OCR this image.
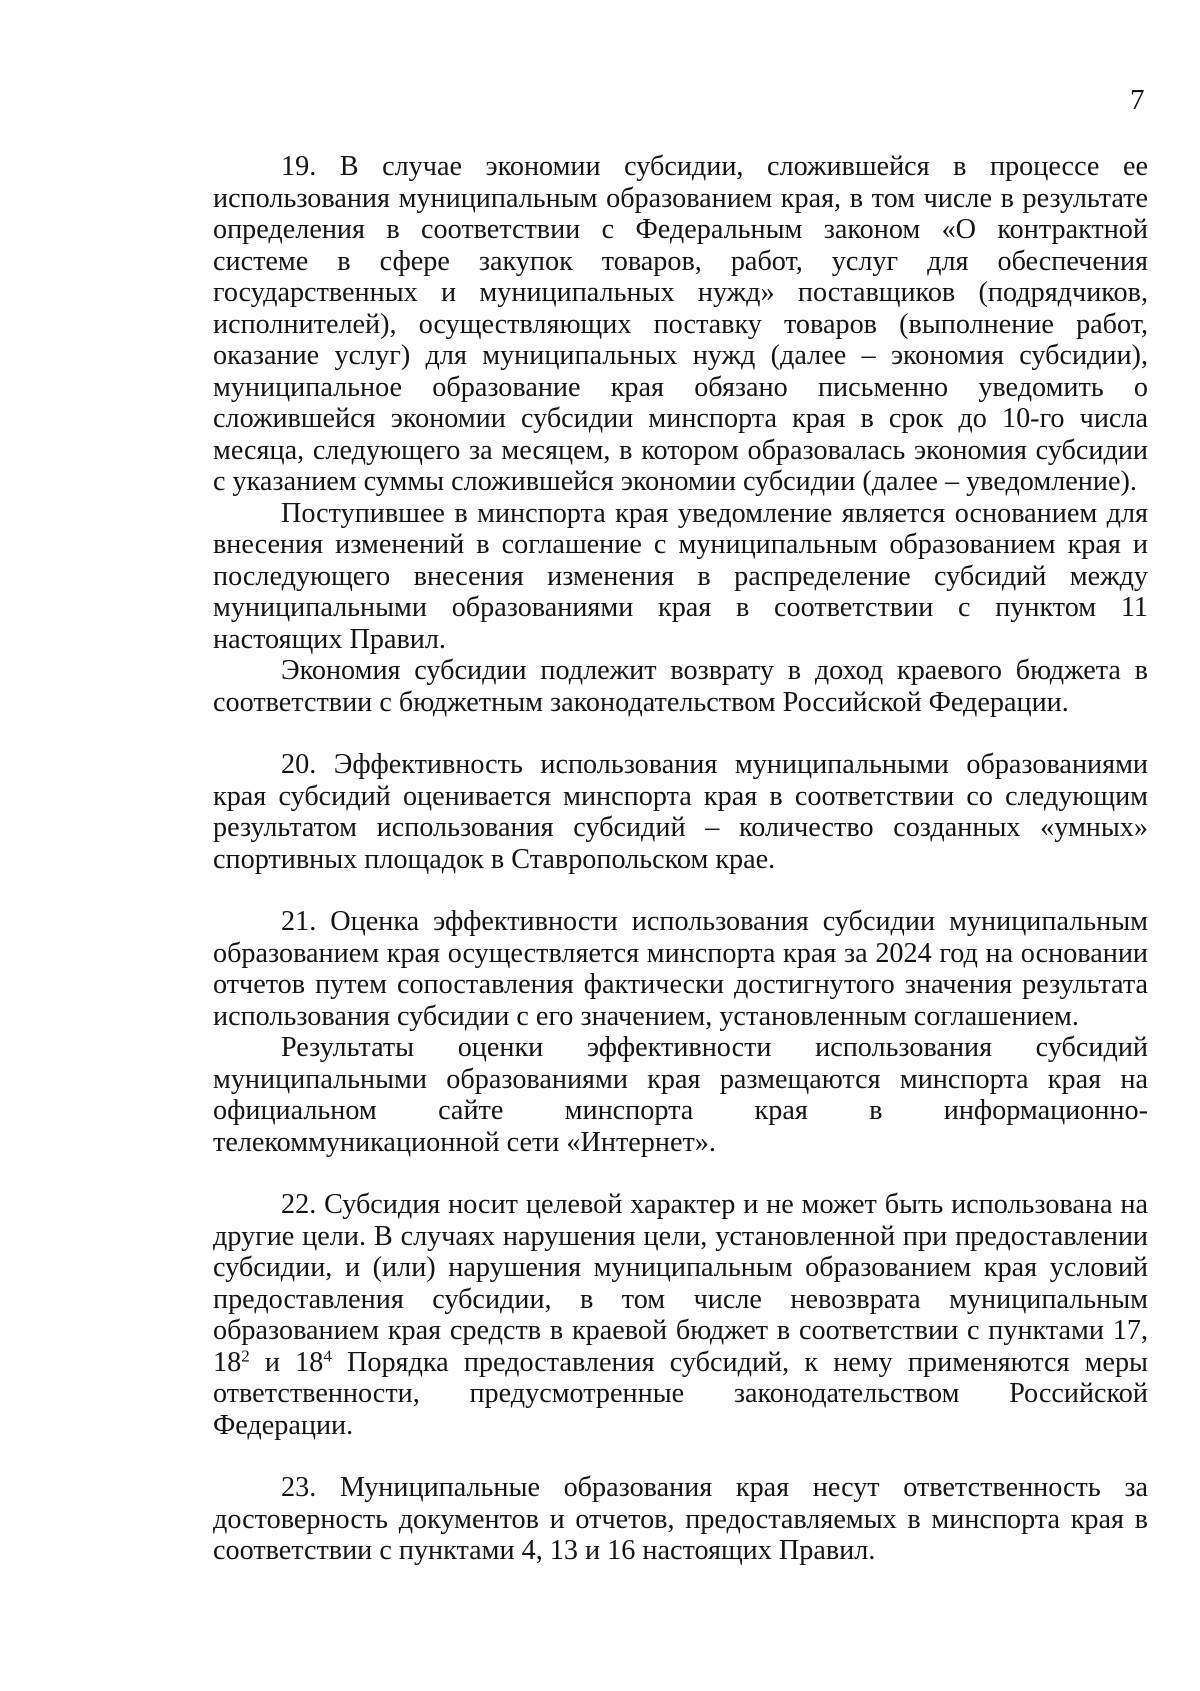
7

19. В случае экономии субсидии, сложившейся в процессе ее использования муниципальным образованием края, в том числе в результате определения в соответствии с Федеральным законом «О контрактной системе в сфере закупок товаров, работ, услуг для обеспечения государственных и муниципальных нужд» поставщиков (подрядчиков, исполнителей), осуществляющих поставку товаров (выполнение работ, оказание услуг) для муниципальных нужд (далее – экономия субсидии), муниципальное образование края обязано письменно уведомить о сложившейся экономии субсидии минспорта края в срок до 10-го числа месяца, следующего за месяцем, в котором образовалась экономия субсидии с указанием суммы сложившейся экономии субсидии (далее – уведомление).

Поступившее в минспорта края уведомление является основанием для внесения изменений в соглашение с муниципальным образованием края и последующего внесения изменения в распределение субсидий между муниципальными образованиями края в соответствии с пунктом 11 настоящих Правил.

Экономия субсидии подлежит возврату в доход краевого бюджета в соответствии с бюджетным законодательством Российской Федерации.

20. Эффективность использования муниципальными образованиями края субсидий оценивается минспорта края в соответствии со следующим результатом использования субсидий – количество созданных «умных» спортивных площадок в Ставропольском крае.

21. Оценка эффективности использования субсидии муниципальным образованием края осуществляется минспорта края за 2024 год на основании отчетов путем сопоставления фактически достигнутого значения результата использования субсидии с его значением, установленным соглашением.

Результаты оценки эффективности использования субсидий муниципальными образованиями края размещаются минспорта края на официальном сайте минспорта края в информационно-телекоммуникационной сети «Интернет».

22. Субсидия носит целевой характер и не может быть использована на другие цели. В случаях нарушения цели, установленной при предоставлении субсидии, и (или) нарушения муниципальным образованием края условий предоставления субсидии, в том числе невозврата муниципальным образованием края средств в краевой бюджет в соответствии с пунктами 17, $18^2$ и $18^4$ Порядка предоставления субсидий, к нему применяются меры ответственности, предусмотренные законодательством Российской Федерации.

23. Муниципальные образования края несут ответственность за достоверность документов и отчетов, предоставляемых в минспорта края в соответствии с пунктами 4, 13 и 16 настоящих Правил.
